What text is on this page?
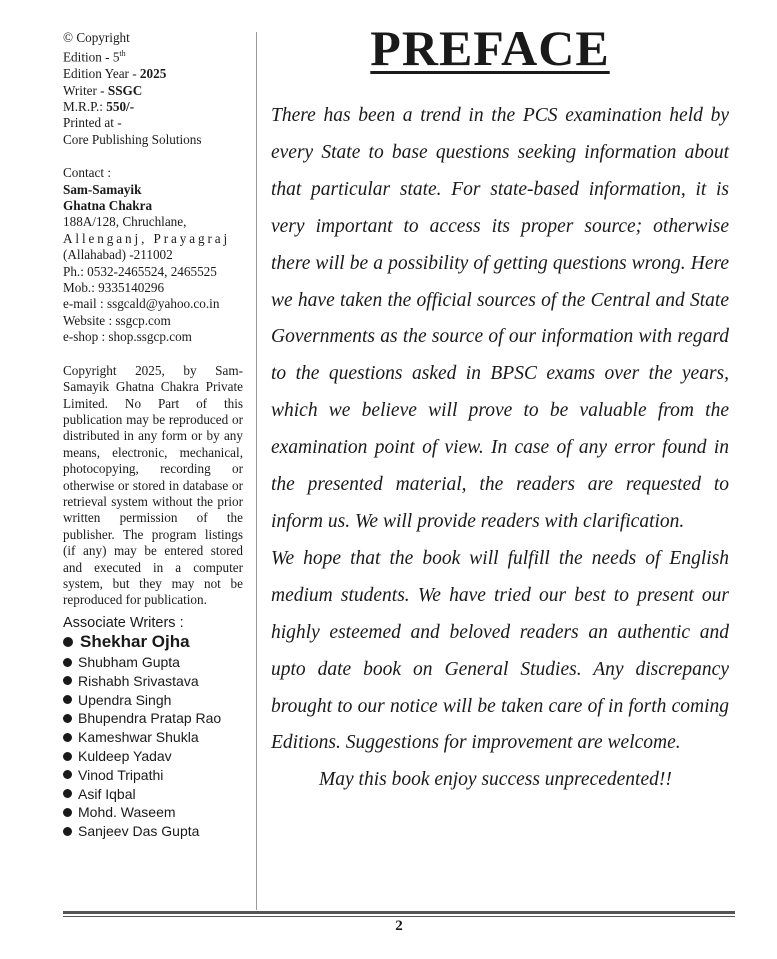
© Copyright
Edition - 5th
Edition Year - 2025
Writer - SSGC
M.R.P.: 550/-
Printed at -
Core Publishing Solutions
Contact :
Sam-Samayik
Ghatna Chakra
188A/128, Chruchlane,
Allenganj, Prayagraj
(Allahabad) -211002
Ph.: 0532-2465524, 2465525
Mob.: 9335140296
e-mail : ssgcald@yahoo.co.in
Website : ssgcp.com
e-shop : shop.ssgcp.com
Copyright 2025, by Sam-Samayik Ghatna Chakra Private Limited. No Part of this publication may be reproduced or distributed in any form or by any means, electronic, mechanical, photocopying, recording or otherwise or stored in database or retrieval system without the prior written permission of the publisher. The program listings (if any) may be entered stored and executed in a computer system, but they may not be reproduced for publication.
Associate Writers :
Shekhar Ojha
Shubham Gupta
Rishabh Srivastava
Upendra Singh
Bhupendra Pratap Rao
Kameshwar Shukla
Kuldeep Yadav
Vinod Tripathi
Asif Iqbal
Mohd. Waseem
Sanjeev Das Gupta
PREFACE

There has been a trend in the PCS examination held by every State to base questions seeking information about that particular state. For state-based information, it is very important to access its proper source; otherwise there will be a possibility of getting questions wrong. Here we have taken the official sources of the Central and State Governments as the source of our information with regard to the questions asked in BPSC exams over the years, which we believe will prove to be valuable from the examination point of view. In case of any error found in the presented material, the readers are requested to inform us. We will provide readers with clarification.

We hope that the book will fulfill the needs of English medium students. We have tried our best to present our highly esteemed and beloved readers an authentic and upto date book on General Studies. Any discrepancy brought to our notice will be taken care of in forth coming Editions. Suggestions for improvement are welcome.

May this book enjoy success unprecedented!!

2
